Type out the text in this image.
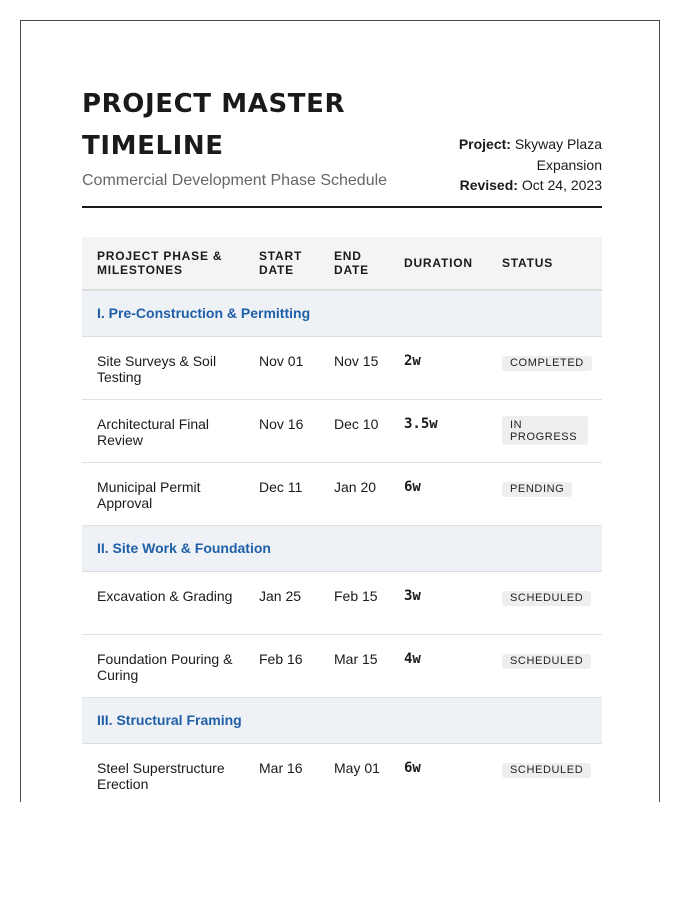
PROJECT MASTER TIMELINE
Commercial Development Phase Schedule
Project: Skyway Plaza Expansion
Revised: Oct 24, 2023
PROJECT PHASE & MILESTONES	START DATE	END DATE	DURATION	STATUS
I. Pre-Construction & Permitting				
Site Surveys & Soil Testing	Nov 01	Nov 15	2w	COMPLETED
Architectural Final Review	Nov 16	Dec 10	3.5w	IN PROGRESS
Municipal Permit Approval	Dec 11	Jan 20	6w	PENDING
II. Site Work & Foundation				
Excavation & Grading	Jan 25	Feb 15	3w	SCHEDULED
Foundation Pouring & Curing	Feb 16	Mar 15	4w	SCHEDULED
III. Structural Framing				
Steel Superstructure Erection	Mar 16	May 01	6w	SCHEDULED
